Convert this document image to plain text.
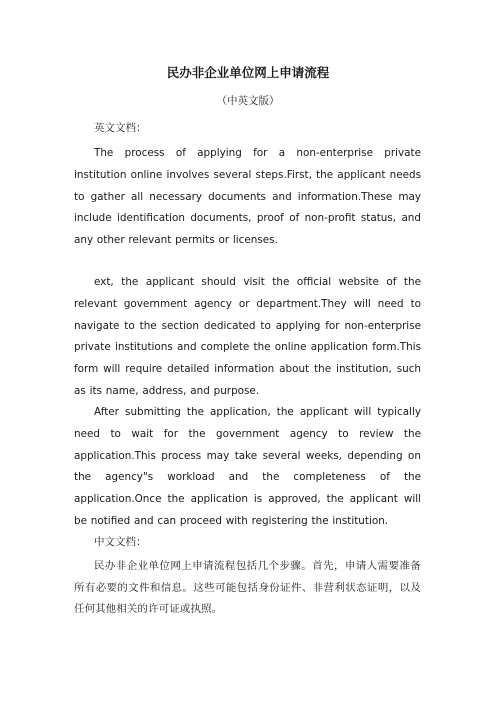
民办非企业单位网上申请流程
（中英文版）
英文文档：

The process of applying for a non-enterprise private institution online involves several steps.First, the applicant needs to gather all necessary documents and information.These may include identification documents, proof of non-profit status, and any other relevant permits or licenses.

ext, the applicant should visit the official website of the relevant government agency or department.They will need to navigate to the section dedicated to applying for non-enterprise private institutions and complete the online application form.This form will require detailed information about the institution, such as its name, address, and purpose.

After submitting the application, the applicant will typically need to wait for the government agency to review the application.This process may take several weeks, depending on the agency"s workload and the completeness of the application.Once the application is approved, the applicant will be notified and can proceed with registering the institution.

中文文档：

民办非企业单位网上申请流程包括几个步骤。首先，申请人需要准备所有必要的文件和信息。这些可能包括身份证件、非营利状态证明，以及任何其他相关的许可证或执照。
